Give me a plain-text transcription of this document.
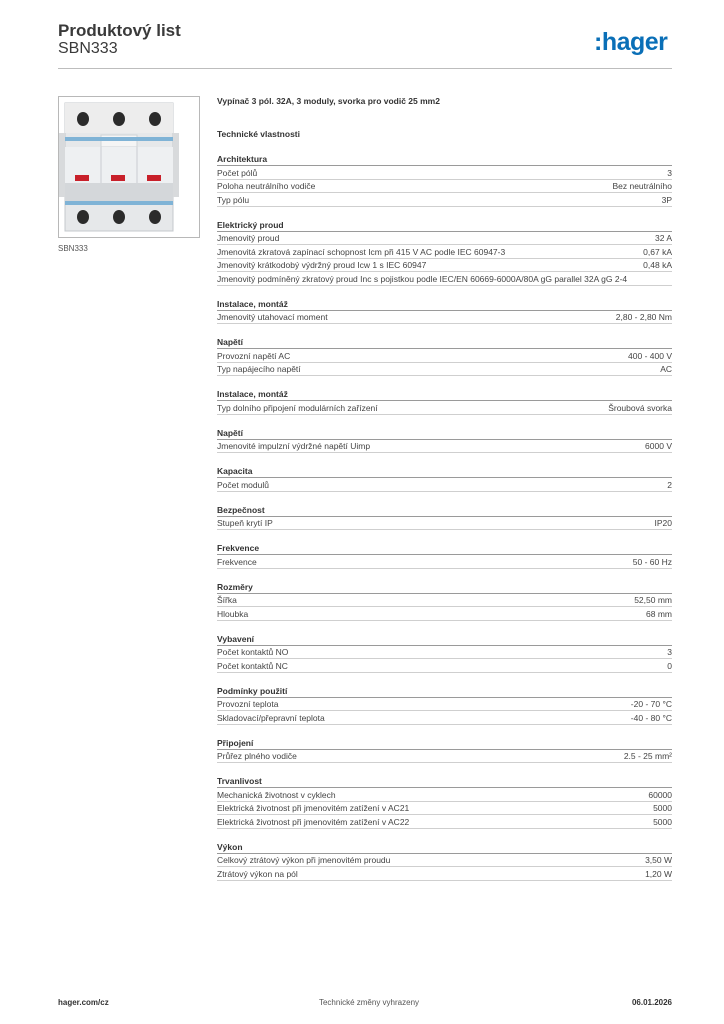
Produktový list
SBN333	:hager
SBN333
Vypínač 3 pól. 32A, 3 moduly, svorka pro vodič 25 mm2
Technické vlastnosti
Architektura
Počet pólů	3
Poloha neutrálního vodiče	Bez neutrálního
Typ pólu	3P
Elektrický proud
Jmenovitý proud	32 A
Jmenovitá zkratová zapínací schopnost Icm při 415 V AC podle IEC 60947-3	0,67 kA
Jmenovitý krátkodobý výdržný proud Icw 1 s IEC 60947	0,48 kA
Jmenovitý podmíněný zkratový proud Inc s pojistkou podle IEC/EN 60669-6000A/80A gG parallel 32A gG 2-4
Instalace, montáž
Jmenovitý utahovací moment	2,80 - 2,80 Nm
Napětí
Provozní napětí AC	400 - 400 V
Typ napájecího napětí	AC
Instalace, montáž
Typ dolního připojení modulárních zařízení	Šroubová svorka
Napětí
Jmenovité impulzní výdržné napětí Uimp	6000 V
Kapacita
Počet modulů	2
Bezpečnost
Stupeň krytí IP	IP20
Frekvence
Frekvence	50 - 60 Hz
Rozměry
Šířka	52,50 mm
Hloubka	68 mm
Vybavení
Počet kontaktů NO	3
Počet kontaktů NC	0
Podmínky použití
Provozní teplota	-20 - 70 °C
Skladovací/přepravní teplota	-40 - 80 °C
Připojení
Průřez plného vodiče	2.5 - 25 mm²
Trvanlivost
Mechanická životnost v cyklech	60000
Elektrická životnost při jmenovitém zatížení v AC21	5000
Elektrická životnost při jmenovitém zatížení v AC22	5000
Výkon
Celkový ztrátový výkon při jmenovitém proudu	3,50 W
Ztrátový výkon na pól	1,20 W
hager.com/cz	Technické změny vyhrazeny	06.01.2026
